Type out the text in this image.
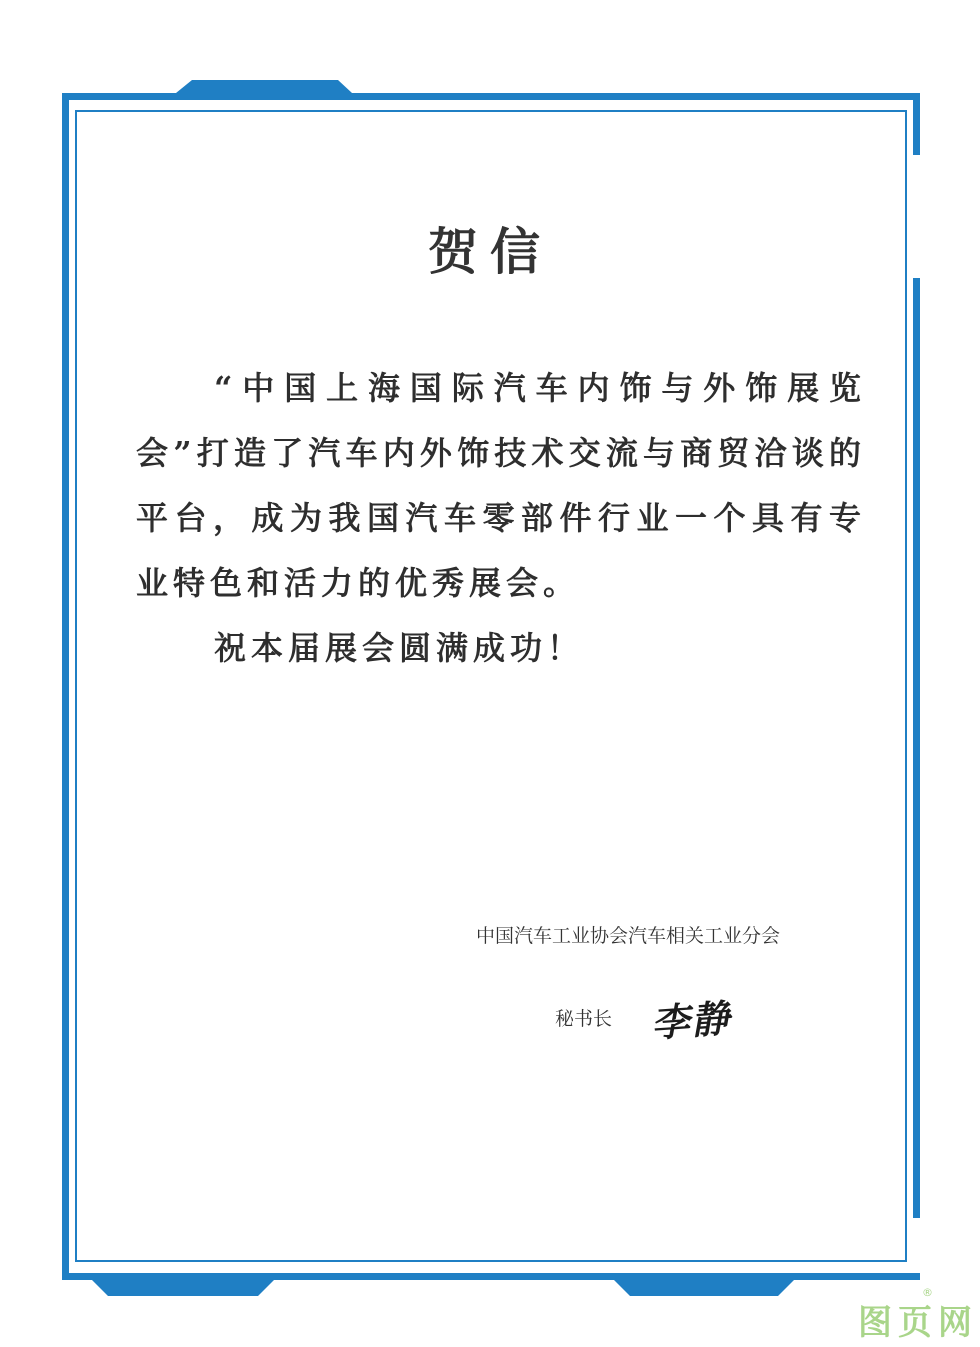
贺信

“中国上海国际汽车内饰与外饰展览会”打造了汽车内外饰技术交流与商贸洽谈的平台，成为我国汽车零部件行业一个具有专业特色和活力的优秀展会。

祝本届展会圆满成功！

中国汽车工业协会汽车相关工业分会
秘书长 李静
图页网
®
